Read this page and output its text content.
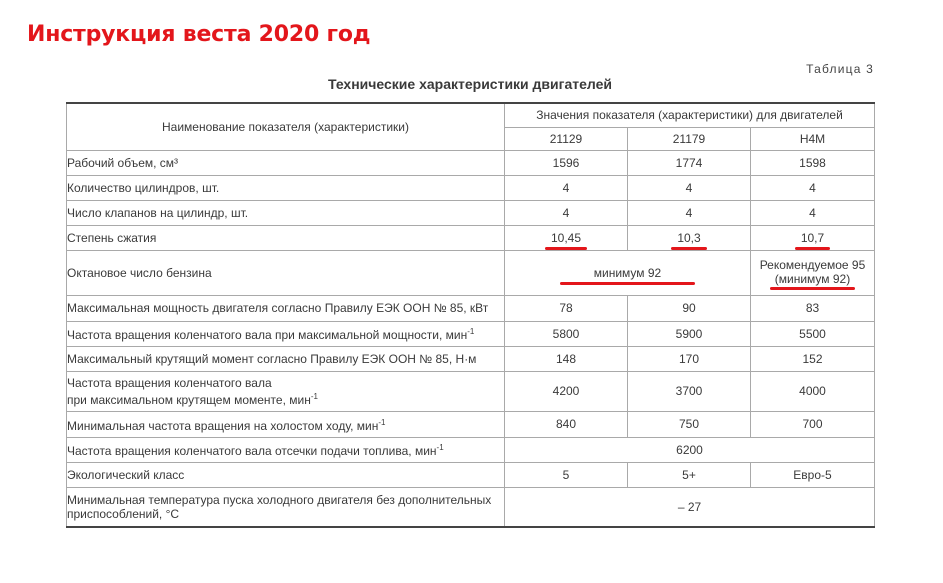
Инструкция веста 2020 год
Таблица 3
Технические характеристики двигателей
Наименование показателя (характеристики)	Значения показателя (характеристики) для двигателей		
	21129	21179	H4M
Рабочий объем, см³	1596	1774	1598
Количество цилиндров, шт.	4	4	4
Число клапанов на цилиндр, шт.	4	4	4
Степень сжатия	10,45	10,3	10,7
Октановое число бензина	минимум 92		Рекомендуемое 95
(минимум 92)
Максимальная мощность двигателя согласно Правилу ЕЭК ООН № 85, кВт	78	90	83
Частота вращения коленчатого вала при максимальной мощности, мин$^{-1}$	5800	5900	5500
Максимальный крутящий момент согласно Правилу ЕЭК ООН № 85, Н·м	148	170	152

Частота вращения коленчатого вала
при максимальном крутящем моменте, мин$^{-1}$	4200	3700	4000
Минимальная частота вращения на холостом ходу, мин$^{-1}$	840	750	700
Частота вращения коленчатого вала отсечки подачи топлива, мин$^{-1}$	6200		
Экологический класс	5	5+	Евро-5

Минимальная температура пуска холодного двигателя без дополнительных
приспособлений, °С	– 27		
